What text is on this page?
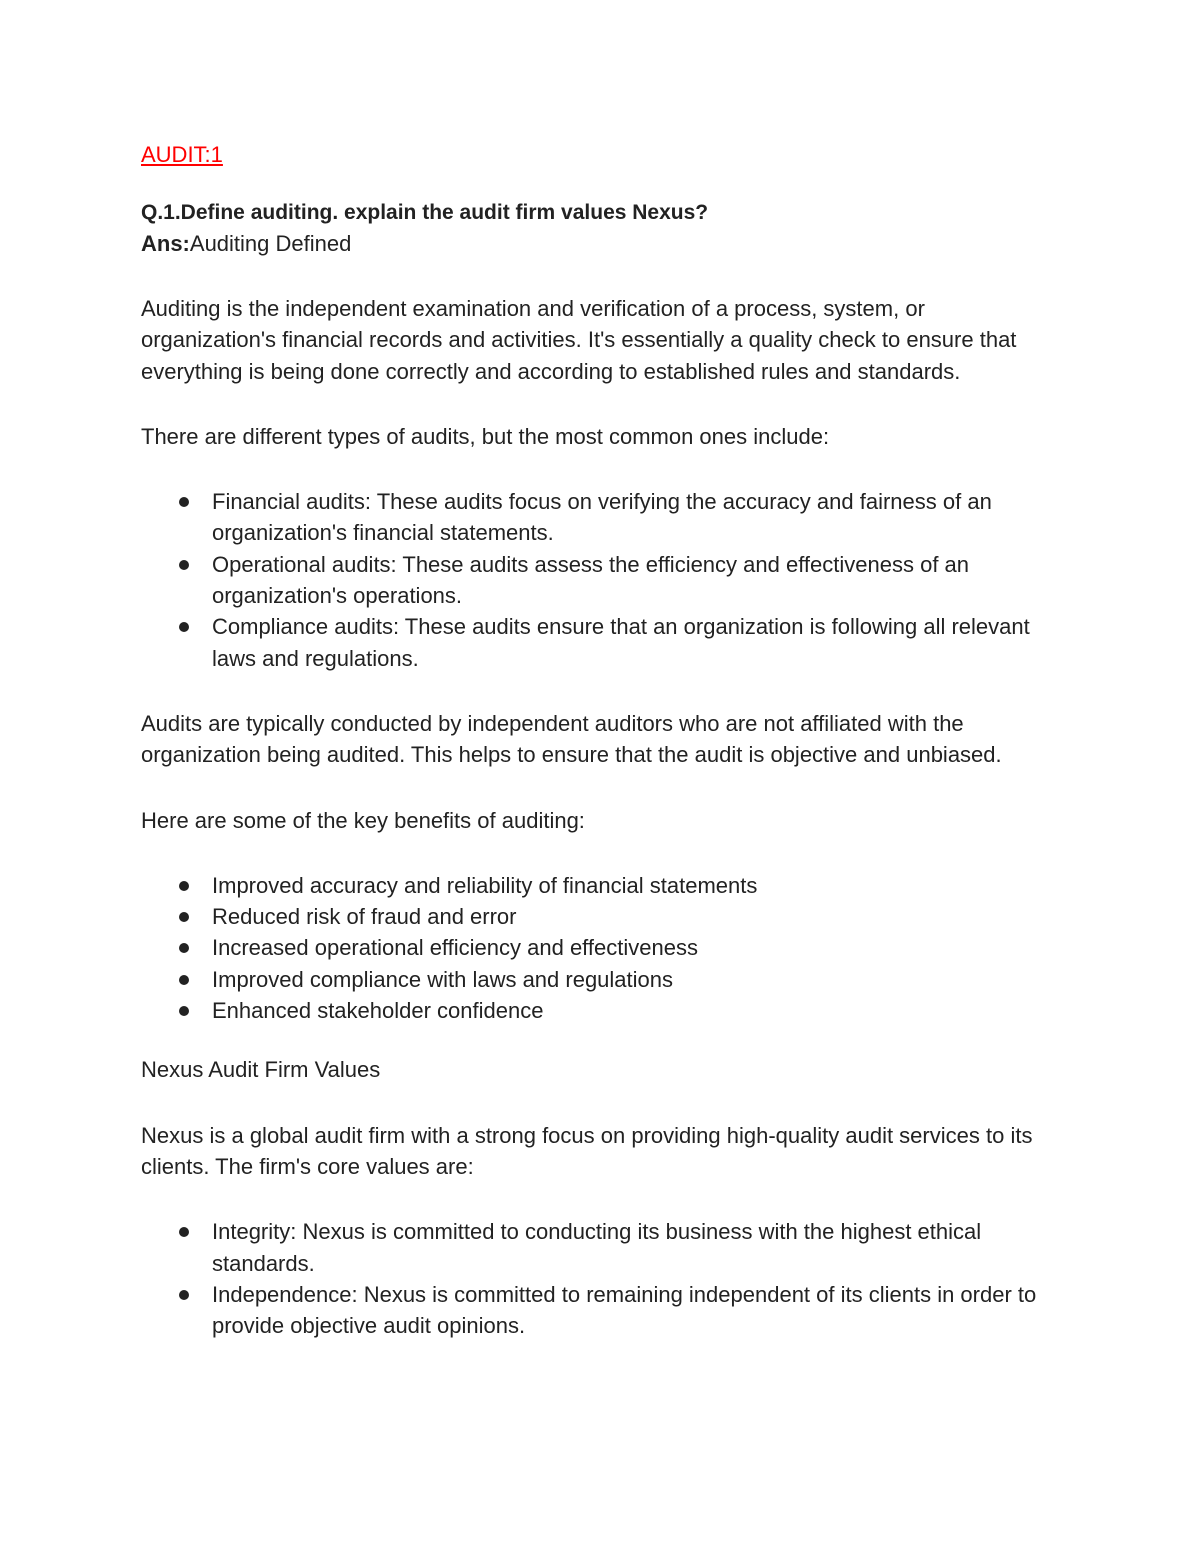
AUDIT:1

Q.1.Define auditing. explain the audit firm values Nexus?

Ans:Auditing Defined

Auditing is the independent examination and verification of a process, system, or organization's financial records and activities. It's essentially a quality check to ensure that everything is being done correctly and according to established rules and standards.

There are different types of audits, but the most common ones include:

Financial audits: These audits focus on verifying the accuracy and fairness of an organization's financial statements.
Operational audits: These audits assess the efficiency and effectiveness of an organization's operations.
Compliance audits: These audits ensure that an organization is following all relevant laws and regulations.

Audits are typically conducted by independent auditors who are not affiliated with the organization being audited. This helps to ensure that the audit is objective and unbiased.

Here are some of the key benefits of auditing:

Improved accuracy and reliability of financial statements
Reduced risk of fraud and error
Increased operational efficiency and effectiveness
Improved compliance with laws and regulations
Enhanced stakeholder confidence

Nexus Audit Firm Values

Nexus is a global audit firm with a strong focus on providing high-quality audit services to its clients. The firm's core values are:

Integrity: Nexus is committed to conducting its business with the highest ethical standards.
Independence: Nexus is committed to remaining independent of its clients in order to provide objective audit opinions.
